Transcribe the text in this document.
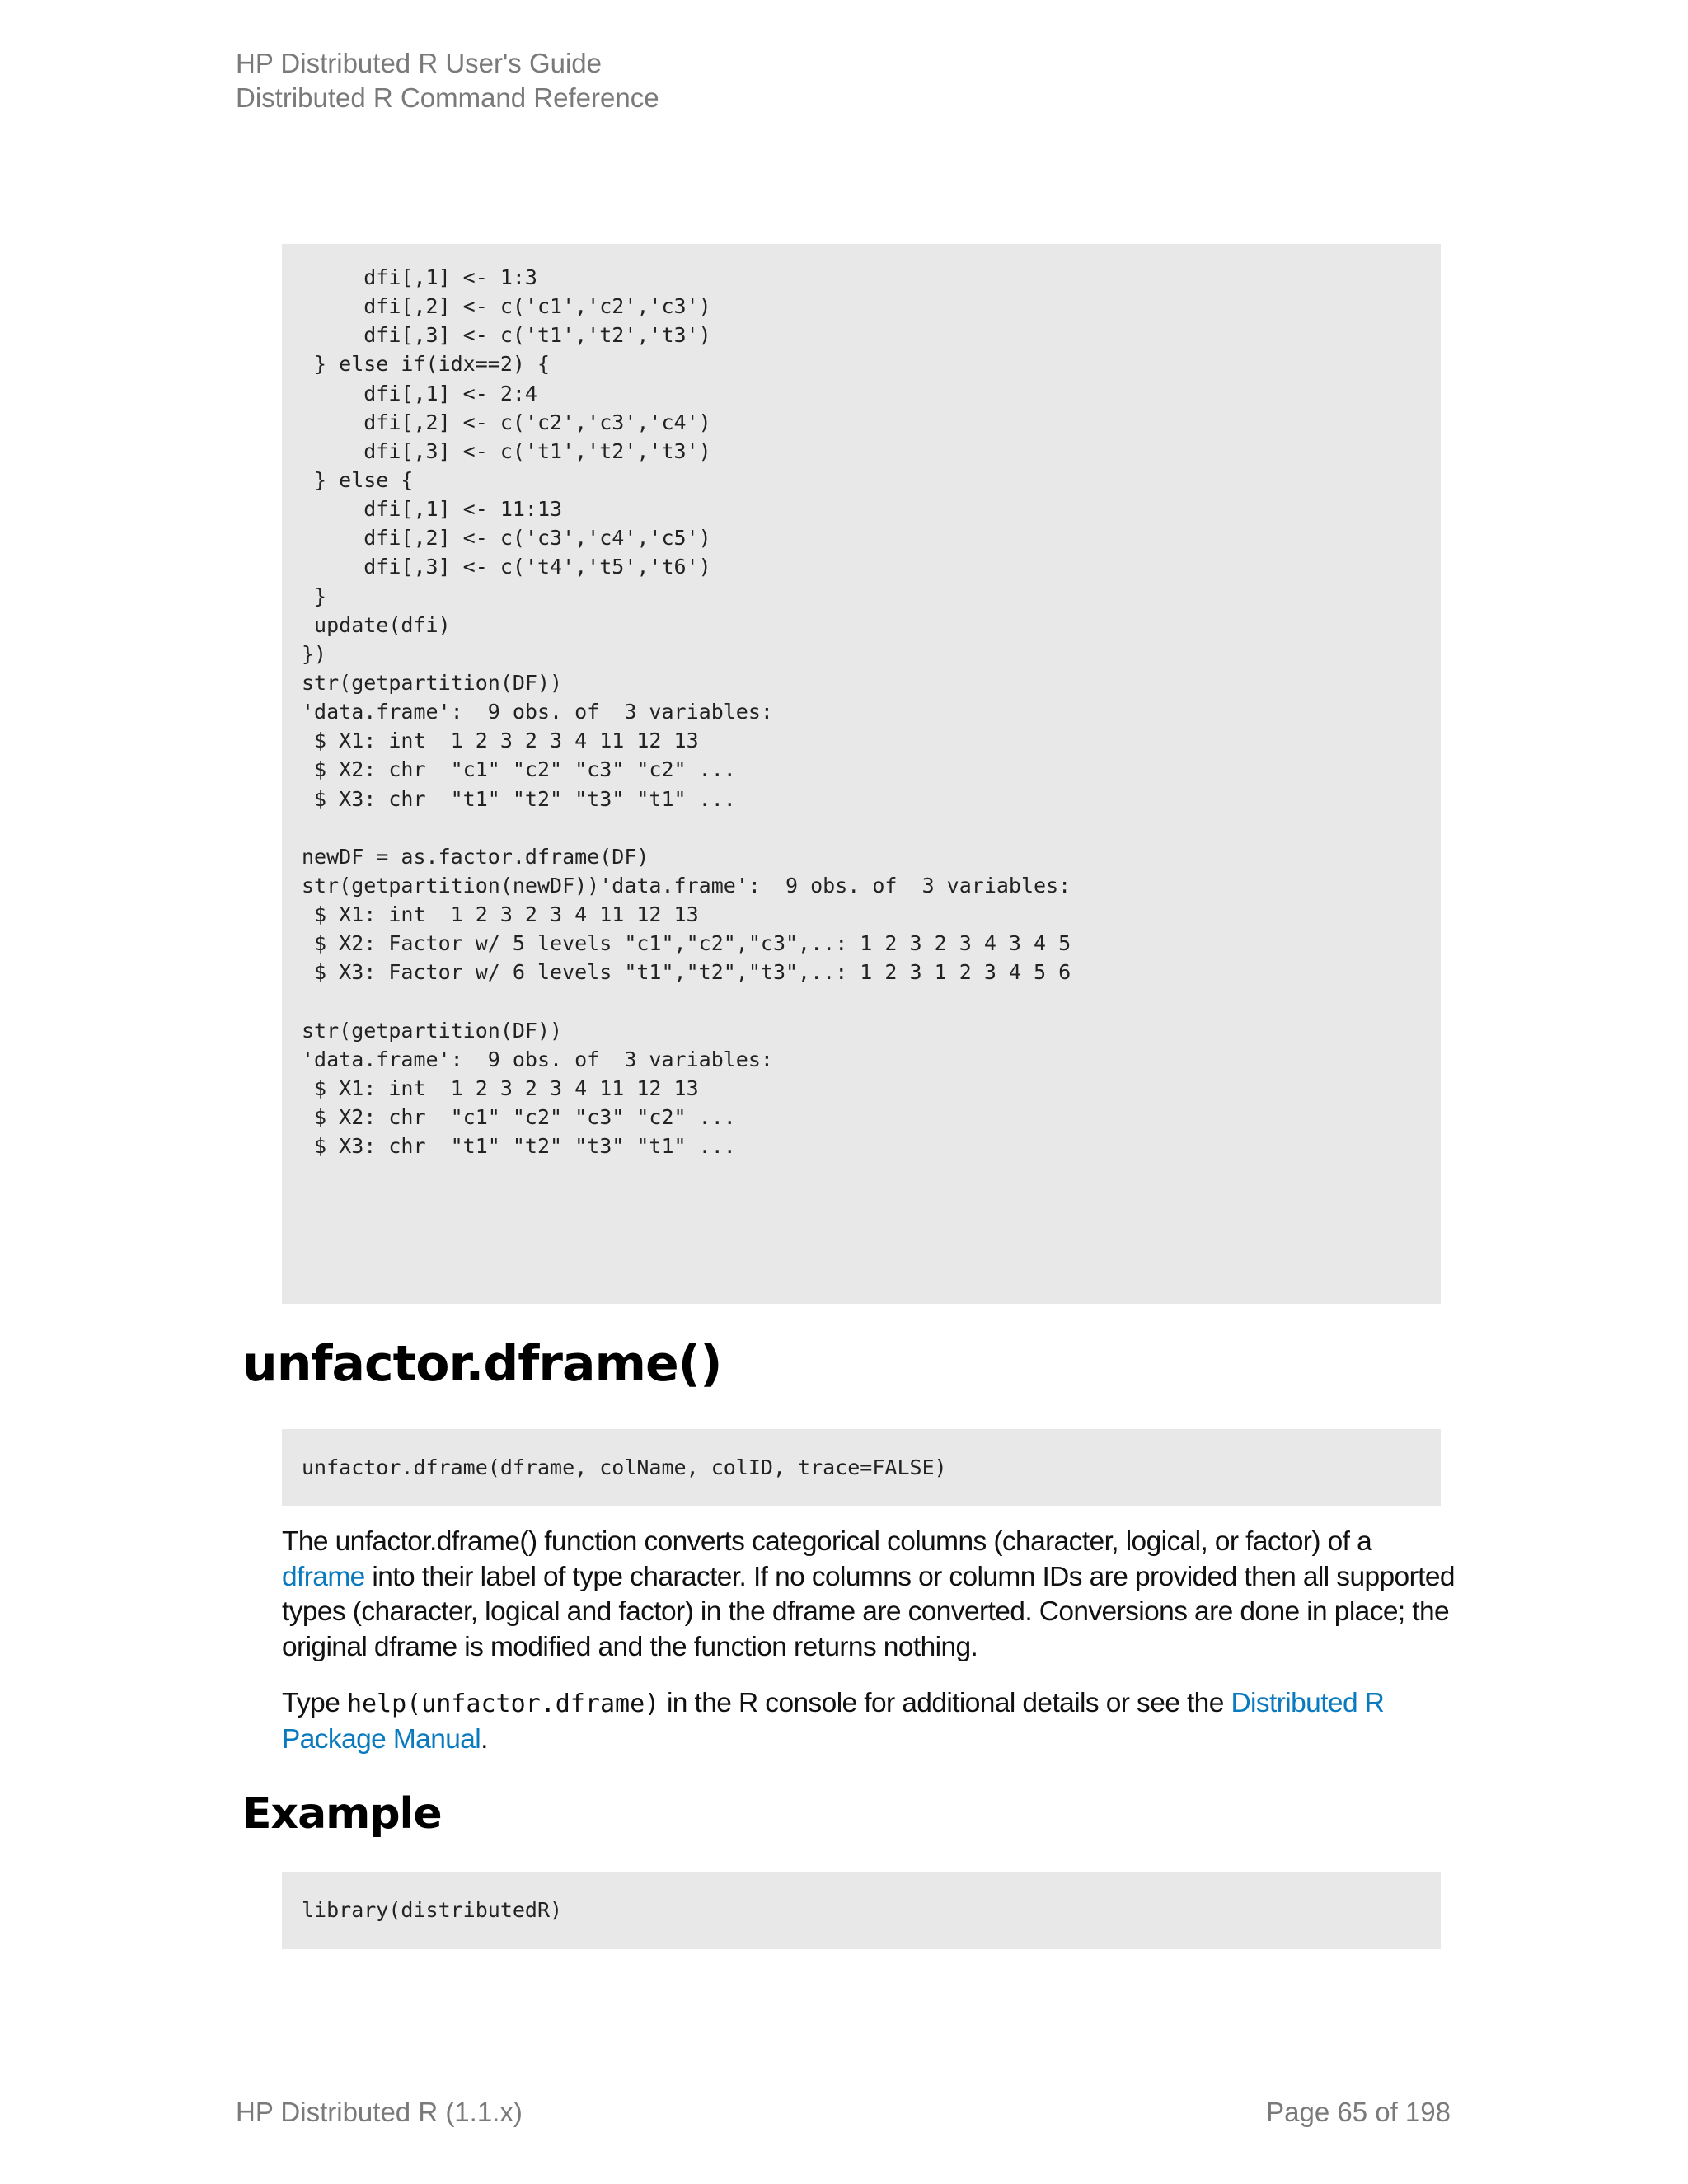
HP Distributed R User's Guide
Distributed R Command Reference
dfi[,1] <- 1:3
dfi[,2] <- c('c1','c2','c3')
dfi[,3] <- c('t1','t2','t3')
} else if(idx==2) {
dfi[,1] <- 2:4
dfi[,2] <- c('c2','c3','c4')
dfi[,3] <- c('t1','t2','t3')
} else {
dfi[,1] <- 11:13
dfi[,2] <- c('c3','c4','c5')
dfi[,3] <- c('t4','t5','t6')
}
update(dfi)
})
str(getpartition(DF))
'data.frame':  9 obs. of  3 variables:
$ X1: int  1 2 3 2 3 4 11 12 13
$ X2: chr  "c1" "c2" "c3" "c2" ...
$ X3: chr  "t1" "t2" "t3" "t1" ...
newDF = as.factor.dframe(DF)
str(getpartition(newDF))'data.frame':  9 obs. of  3 variables:
$ X1: int  1 2 3 2 3 4 11 12 13
$ X2: Factor w/ 5 levels "c1","c2","c3",..: 1 2 3 2 3 4 3 4 5
$ X3: Factor w/ 6 levels "t1","t2","t3",..: 1 2 3 1 2 3 4 5 6
str(getpartition(DF))
'data.frame':  9 obs. of  3 variables:
$ X1: int  1 2 3 2 3 4 11 12 13
$ X2: chr  "c1" "c2" "c3" "c2" ...
$ X3: chr  "t1" "t2" "t3" "t1" ...
unfactor.dframe()
unfactor.dframe(dframe, colName, colID, trace=FALSE)

The unfactor.dframe() function converts categorical columns (character, logical, or factor) of a
dframe into their label of type character. If no columns or column IDs are provided then all supported types (character, logical and factor) in the dframe are converted. Conversions are done in place; the original dframe is modified and the function returns nothing.

Type help(unfactor.dframe) in the R console for additional details or see the Distributed R Package Manual.

Example
library(distributedR)
HP Distributed R (1.1.x)	Page 65 of 198
